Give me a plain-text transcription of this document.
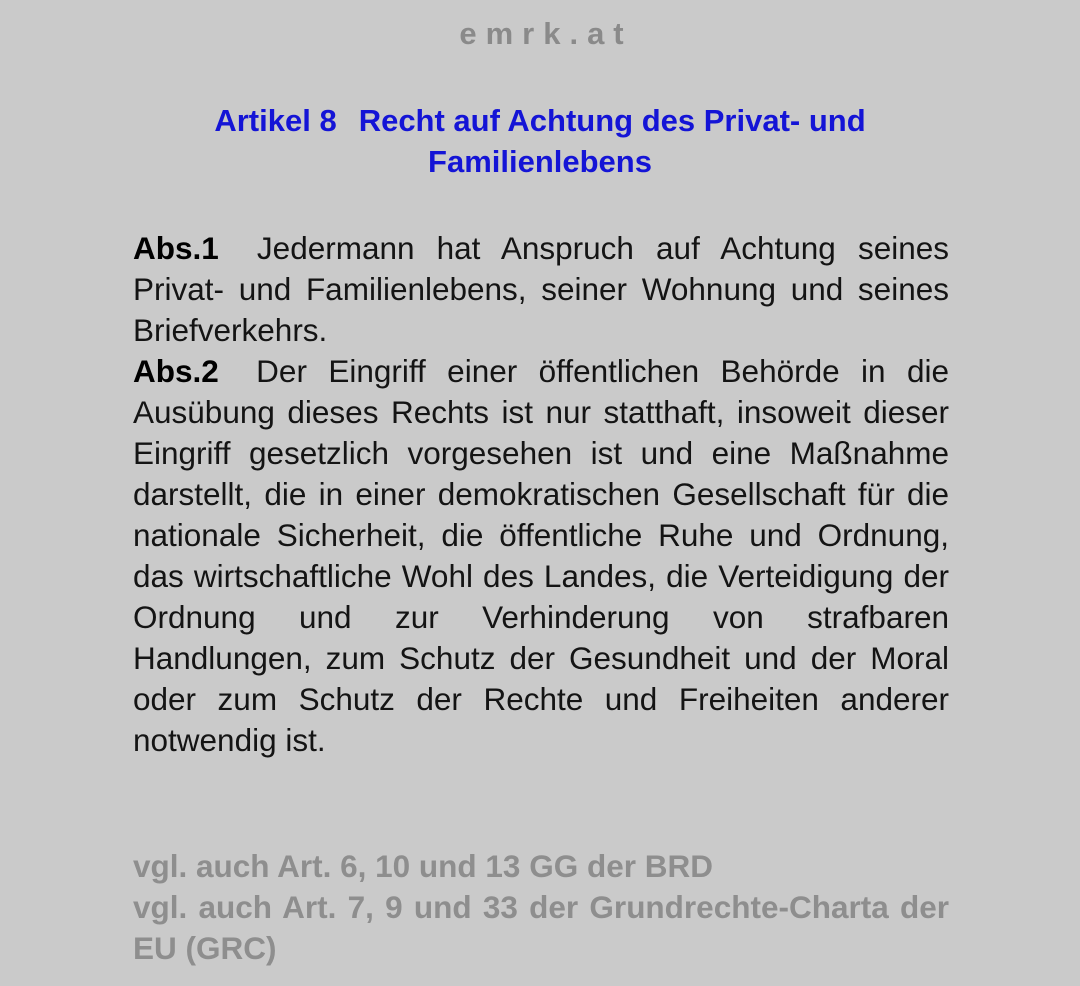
emrk.at
Artikel 8 Recht auf Achtung des Privat- und
Familienlebens

Abs.1 Jedermann hat Anspruch auf Achtung seines Privat- und Familienlebens, seiner Wohnung und seines Briefverkehrs.

Abs.2 Der Eingriff einer öffentlichen Behörde in die Ausübung dieses Rechts ist nur statthaft, insoweit dieser Eingriff gesetzlich vorgesehen ist und eine Maßnahme darstellt, die in einer demokratischen Gesellschaft für die nationale Sicherheit, die öffentliche Ruhe und Ordnung, das wirtschaftliche Wohl des Landes, die Verteidigung der Ordnung und zur Verhinderung von strafbaren Handlungen, zum Schutz der Gesundheit und der Moral oder zum Schutz der Rechte und Freiheiten anderer notwendig ist.

vgl. auch Art. 6, 10 und 13 GG der BRD

vgl. auch Art. 7, 9 und 33 der Grundrechte-Charta der EU (GRC)
